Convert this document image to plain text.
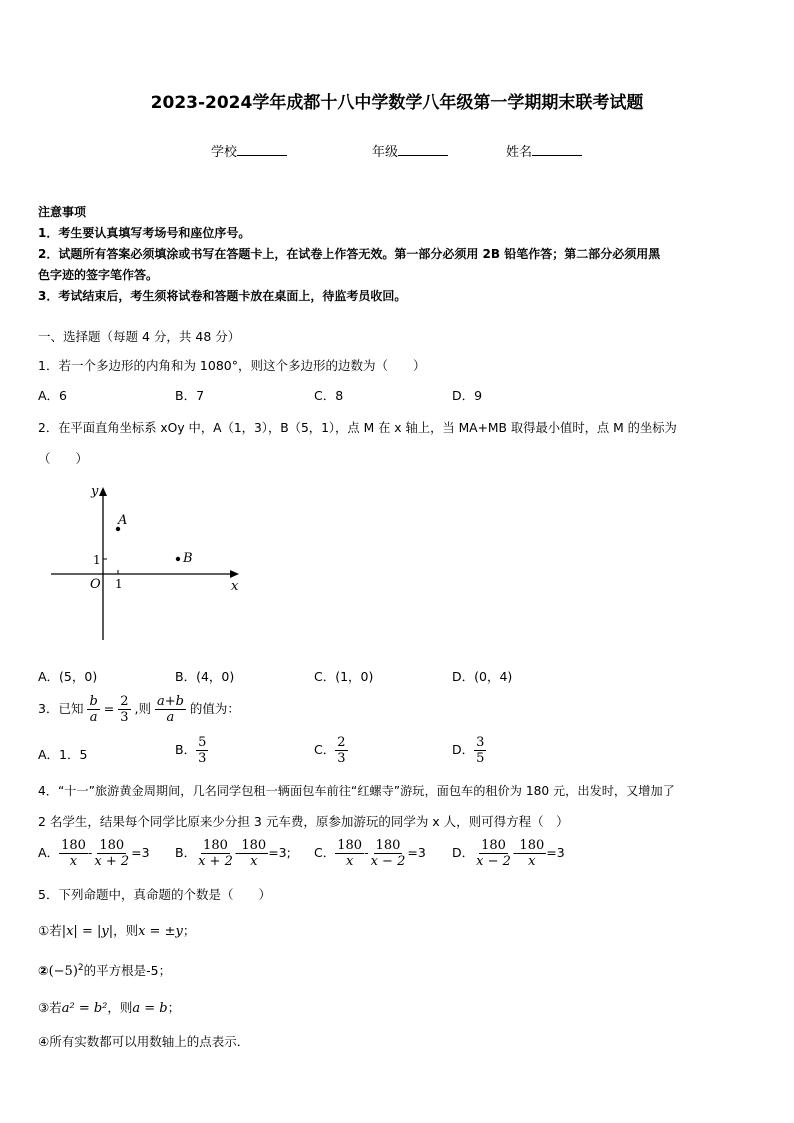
2023-2024学年成都十八中学数学八年级第一学期期末联考试题
学校	年级	姓名
注意事项
1．考生要认真填写考场号和座位序号。
2．试题所有答案必须填涂或书写在答题卡上，在试卷上作答无效。第一部分必须用 2B 铅笔作答；第二部分必须用黑
色字迹的签字笔作答。
3．考试结束后，考生须将试卷和答题卡放在桌面上，待监考员收回。
一、选择题（每题 4 分，共 48 分）
1．若一个多边形的内角和为 1080°，则这个多边形的边数为（　　）
A．6	B．7	C．8	D．9
2．在平面直角坐标系 xOy 中，A（1，3），B（5，1），点 M 在 x 轴上，当 MA+MB 取得最小值时，点 M 的坐标为
（　　）
y
x
O 1
1
A
B
A．(5，0)	B．(4，0)	C．(1，0)	D．(0，4)
3．已知 $\frac{b}{a} = \frac{2}{3}$ ,则 $\frac{a+b}{a}$ 的值为：
A．1．5	B． $\frac{5}{3}$	C． $\frac{2}{3}$	D． $\frac{3}{5}$
4．“十一”旅游黄金周期间，几名同学包租一辆面包车前往“红螺寺”游玩，面包车的租价为 180 元，出发时，又增加了
2 名学生，结果每个同学比原来少分担 3 元车费，原参加游玩的同学为 x 人，则可得方程（　）
A． $\frac{180}{x} - \frac{180}{x + 2} =3$ B． $\frac{180}{x + 2} - \frac{180}{x} =3$; C． $\frac{180}{x} - \frac{180}{x - 2} =3$ D． $\frac{180}{x - 2} - \frac{180}{x} =3$
5．下列命题中，真命题的个数是（　　）
①若|x| = |y|，则x = ±y；
$②(-5)^2$的平方根是-5；
③若a² = b²，则a = b；
④所有实数都可以用数轴上的点表示．
